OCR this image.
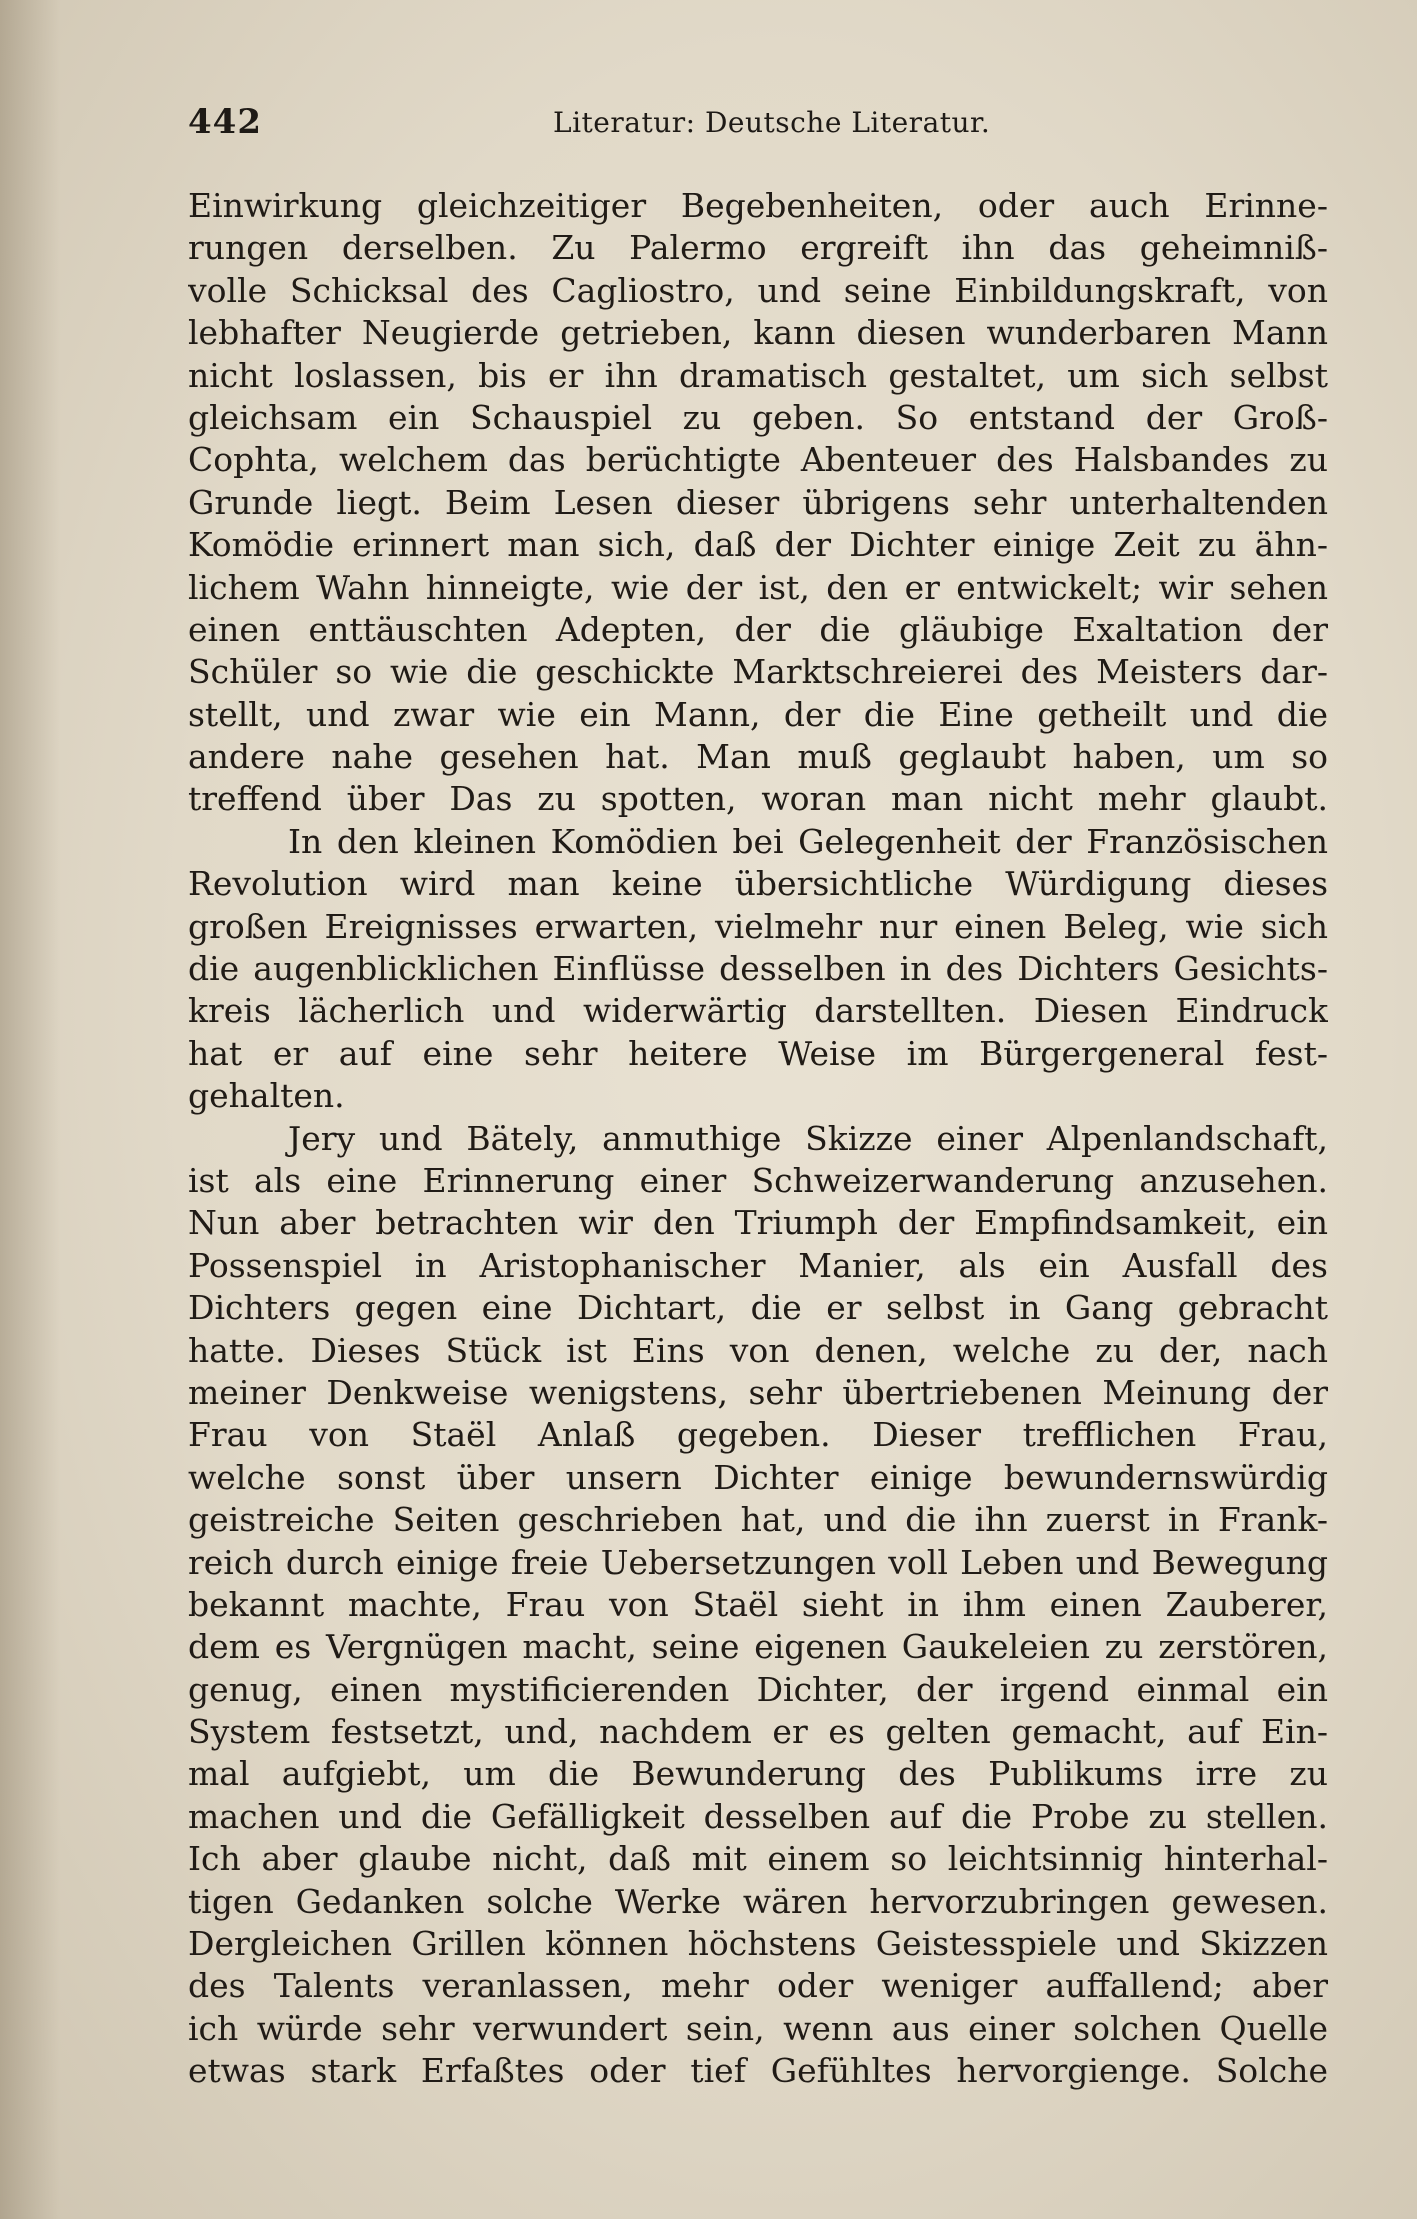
442	Literatur: Deutsche Literatur.
Einwirkung gleichzeitiger Begebenheiten, oder auch Erinne-
rungen derselben. Zu Palermo ergreift ihn das geheimniß-
volle Schicksal des Cagliostro, und seine Einbildungskraft, von
lebhafter Neugierde getrieben, kann diesen wunderbaren Mann
nicht loslassen, bis er ihn dramatisch gestaltet, um sich selbst
gleichsam ein Schauspiel zu geben. So entstand der Groß-
Cophta, welchem das berüchtigte Abenteuer des Halsbandes zu
Grunde liegt. Beim Lesen dieser übrigens sehr unterhaltenden
Komödie erinnert man sich, daß der Dichter einige Zeit zu ähn-
lichem Wahn hinneigte, wie der ist, den er entwickelt; wir sehen
einen enttäuschten Adepten, der die gläubige Exaltation der
Schüler so wie die geschickte Marktschreierei des Meisters dar-
stellt, und zwar wie ein Mann, der die Eine getheilt und die
andere nahe gesehen hat. Man muß geglaubt haben, um so
treffend über Das zu spotten, woran man nicht mehr glaubt.
In den kleinen Komödien bei Gelegenheit der Französischen
Revolution wird man keine übersichtliche Würdigung dieses
großen Ereignisses erwarten, vielmehr nur einen Beleg, wie sich
die augenblicklichen Einflüsse desselben in des Dichters Gesichts-
kreis lächerlich und widerwärtig darstellten. Diesen Eindruck
hat er auf eine sehr heitere Weise im Bürgergeneral fest-
gehalten.
Jery und Bätely, anmuthige Skizze einer Alpenlandschaft,
ist als eine Erinnerung einer Schweizerwanderung anzusehen.
Nun aber betrachten wir den Triumph der Empfindsamkeit, ein
Possenspiel in Aristophanischer Manier, als ein Ausfall des
Dichters gegen eine Dichtart, die er selbst in Gang gebracht
hatte. Dieses Stück ist Eins von denen, welche zu der, nach
meiner Denkweise wenigstens, sehr übertriebenen Meinung der
Frau von Staël Anlaß gegeben. Dieser trefflichen Frau,
welche sonst über unsern Dichter einige bewundernswürdig
geistreiche Seiten geschrieben hat, und die ihn zuerst in Frank-
reich durch einige freie Uebersetzungen voll Leben und Bewegung
bekannt machte, Frau von Staël sieht in ihm einen Zauberer,
dem es Vergnügen macht, seine eigenen Gaukeleien zu zerstören,
genug, einen mystificierenden Dichter, der irgend einmal ein
System festsetzt, und, nachdem er es gelten gemacht, auf Ein-
mal aufgiebt, um die Bewunderung des Publikums irre zu
machen und die Gefälligkeit desselben auf die Probe zu stellen.
Ich aber glaube nicht, daß mit einem so leichtsinnig hinterhal-
tigen Gedanken solche Werke wären hervorzubringen gewesen.
Dergleichen Grillen können höchstens Geistesspiele und Skizzen
des Talents veranlassen, mehr oder weniger auffallend; aber
ich würde sehr verwundert sein, wenn aus einer solchen Quelle
etwas stark Erfaßtes oder tief Gefühltes hervorgienge. Solche
